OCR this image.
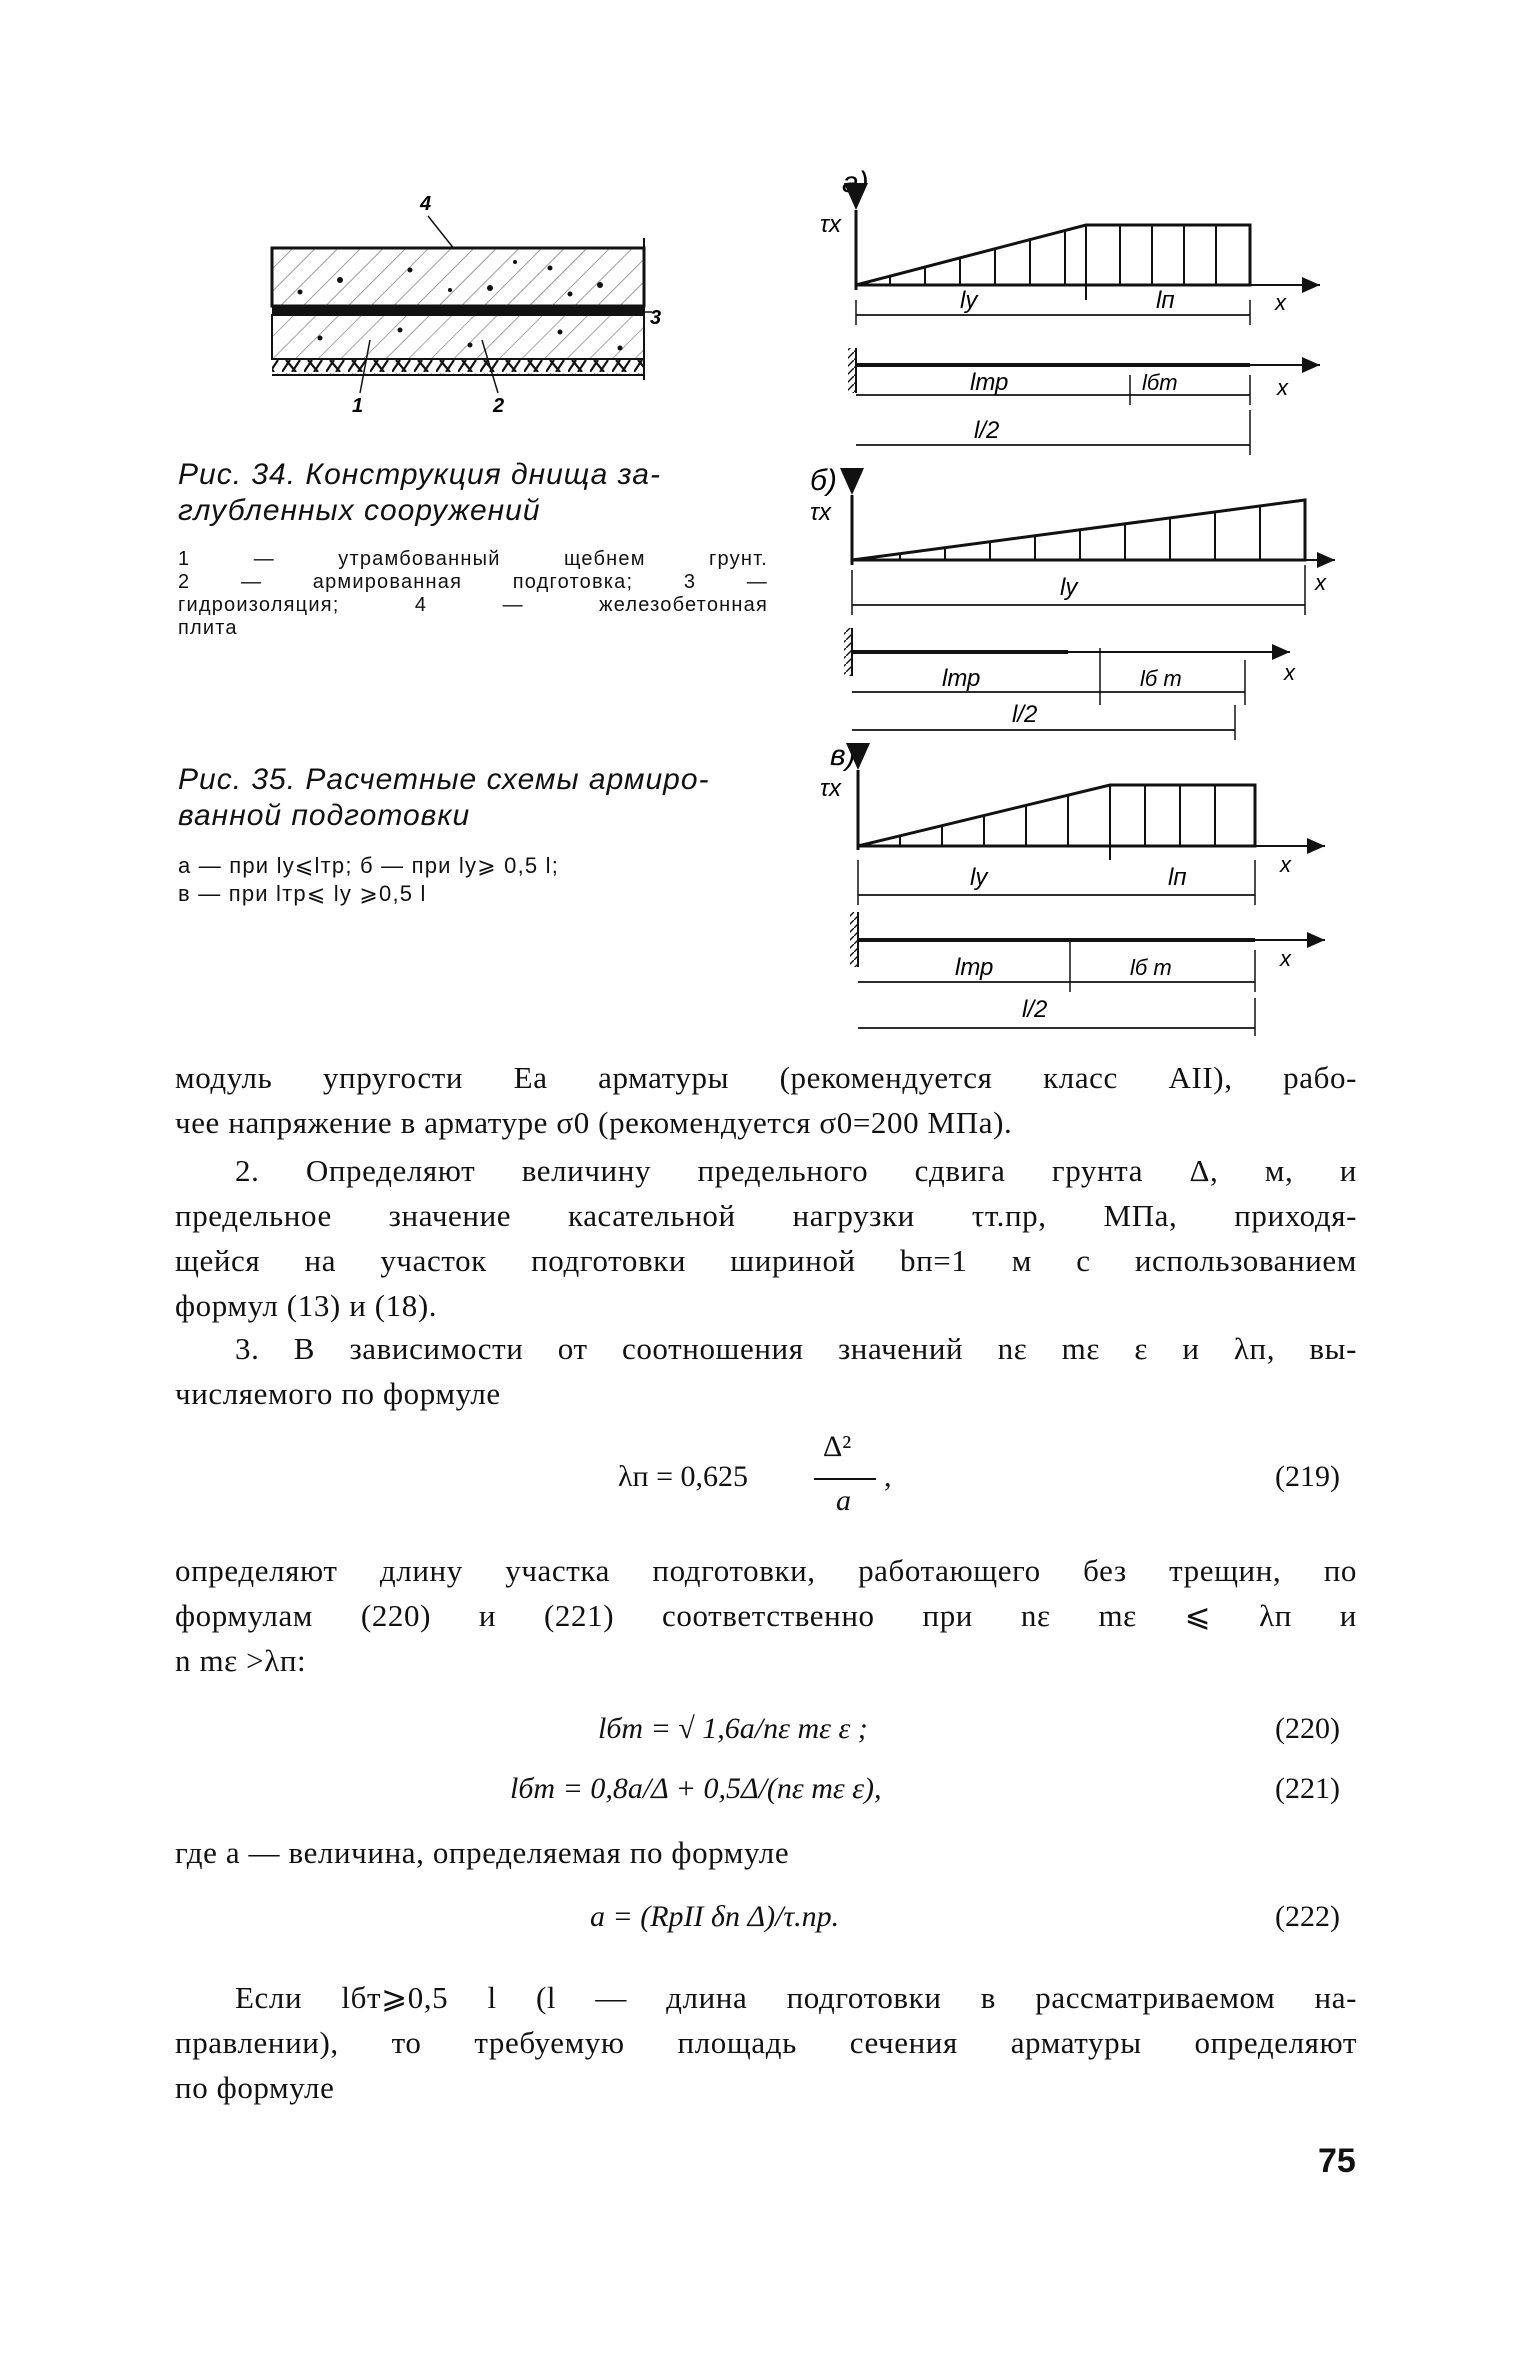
4
3
1	2
Рис. 34. Конструкция днища за-
глубленных сооружений
1 — утрамбованный щебнем грунт.
2 — армированная подготовка; 3 —
гидроизоляция; 4 — железобетонная
плита
Рис. 35. Расчетные схемы армиро-
ванной подготовки
а — при lу⩽lтр; б — при lу⩾ 0,5 l;
в — при lтр⩽ lу ⩾0,5 l
а)
τx
x
lу	lп
x
lтр	lбт
l/2
б)
τx
x
lу
x
lтр	lб т
l/2
в)
τx
x
lу	lп
x
lтр	lб т
l/2
модуль упругости Eа арматуры (рекомендуется класс AII), рабо-
чее напряжение в арматуре σ0 (рекомендуется σ0=200 МПа).
2. Определяют величину предельного сдвига грунта Δ, м, и
предельное значение касательной нагрузки τт.пр, МПа, приходя-
щейся на участок подготовки шириной bп=1 м с использованием
формул (13) и (18).
3. В зависимости от соотношения значений nε mε ε и λп, вы-
числяемого по формуле
λп = 0,625
Δ²
a
,	(219)
определяют длину участка подготовки, работающего без трещин, по
формулам (220) и (221) соответственно при nε mε ⩽ λп и
n mε >λп:
lбт = √ 1,6a/nε mε ε ;	(220)
lбт = 0,8a/Δ + 0,5Δ/(nε mε ε),	(221)
где a — величина, определяемая по формуле
a = (RpII δп Δ)/τ.пр.	(222)
Если lбт⩾0,5 l (l — длина подготовки в рассматриваемом на-
правлении), то требуемую площадь сечения арматуры определяют
по формуле
75
